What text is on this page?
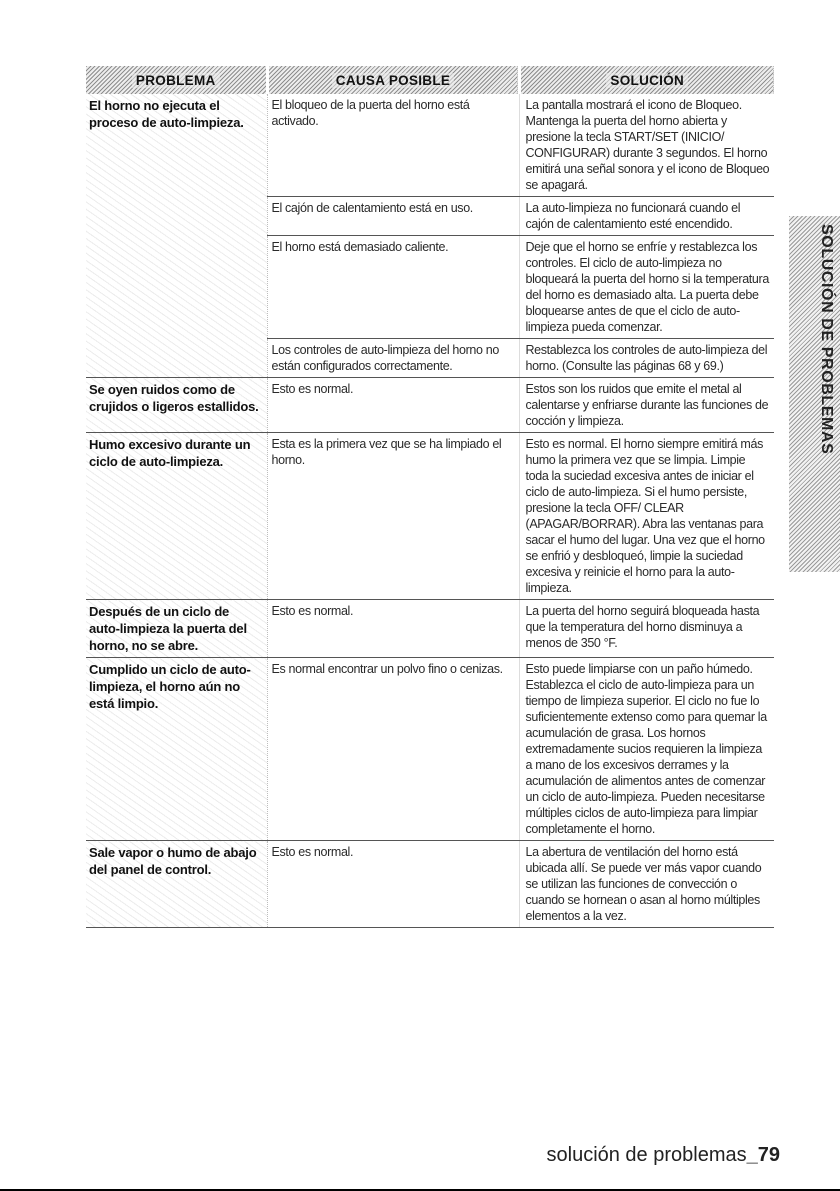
PROBLEMA	CAUSA POSIBLE	SOLUCIÓN
El horno no ejecuta el proceso de auto-limpieza.	El bloqueo de la puerta del horno está activado.	La pantalla mostrará el icono de Bloqueo. Mantenga la puerta del horno abierta y presione la tecla START/SET (INICIO/ CONFIGURAR) durante 3 segundos. El horno emitirá una señal sonora y el icono de Bloqueo se apagará.
	El cajón de calentamiento está en uso.	La auto-limpieza no funcionará cuando el cajón de calentamiento esté encendido.
	El horno está demasiado caliente.	Deje que el horno se enfríe y restablezca los controles. El ciclo de auto-limpieza no bloqueará la puerta del horno si la temperatura del horno es demasiado alta. La puerta debe bloquearse antes de que el ciclo de auto-limpieza pueda comenzar.
	Los controles de auto-limpieza del horno no están configurados correctamente.	Restablezca los controles de auto-limpieza del horno. (Consulte las páginas 68 y 69.)
Se oyen ruidos como de crujidos o ligeros estallidos.	Esto es normal.	Estos son los ruidos que emite el metal al calentarse y enfriarse durante las funciones de cocción y limpieza.
Humo excesivo durante un ciclo de auto-limpieza.	Esta es la primera vez que se ha limpiado el horno.	Esto es normal. El horno siempre emitirá más humo la primera vez que se limpia. Limpie toda la suciedad excesiva antes de iniciar el ciclo de auto-limpieza. Si el humo persiste, presione la tecla OFF/ CLEAR (APAGAR/BORRAR). Abra las ventanas para sacar el humo del lugar. Una vez que el horno se enfrió y desbloqueó, limpie la suciedad excesiva y reinicie el horno para la auto-limpieza.
Después de un ciclo de auto-limpieza la puerta del horno, no se abre.	Esto es normal.	La puerta del horno seguirá bloqueada hasta que la temperatura del horno disminuya a menos de 350 °F.
Cumplido un ciclo de auto-limpieza, el horno aún no está limpio.	Es normal encontrar un polvo fino o cenizas.	Esto puede limpiarse con un paño húmedo. Establezca el ciclo de auto-limpieza para un tiempo de limpieza superior. El ciclo no fue lo suficientemente extenso como para quemar la acumulación de grasa. Los hornos extremadamente sucios requieren la limpieza a mano de los excesivos derrames y la acumulación de alimentos antes de comenzar un ciclo de auto-limpieza. Pueden necesitarse múltiples ciclos de auto-limpieza para limpiar completamente el horno.
Sale vapor o humo de abajo del panel de control.	Esto es normal.	La abertura de ventilación del horno está ubicada allí. Se puede ver más vapor cuando se utilizan las funciones de convección o cuando se hornean o asan al horno múltiples elementos a la vez.
SOLUCIÓN DE PROBLEMAS
solución de problemas_79
